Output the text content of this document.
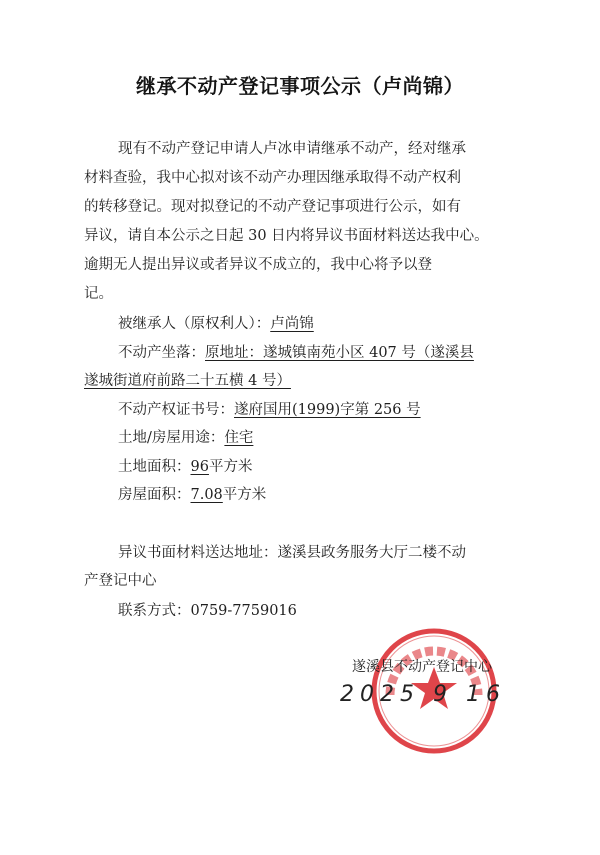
继承不动产登记事项公示（卢尚锦）
现有不动产登记申请人卢冰申请继承不动产，经对继承
材料查验，我中心拟对该不动产办理因继承取得不动产权利
的转移登记。现对拟登记的不动产登记事项进行公示，如有
异议，请自本公示之日起 30 日内将异议书面材料送达我中心。
逾期无人提出异议或者异议不成立的，我中心将予以登
记。
被继承人（原权利人）：卢尚锦
不动产坐落：原地址：遂城镇南苑小区 407 号（遂溪县
遂城街道府前路二十五横 4 号）
不动产权证书号：遂府国用(1999)字第 256 号
土地/房屋用途：住宅
土地面积：96平方米
房屋面积：7.08平方米
异议书面材料送达地址：遂溪县政务服务大厅二楼不动
产登记中心
联系方式：0759-7759016
遂溪县不动产登记中心
2025 9 16
